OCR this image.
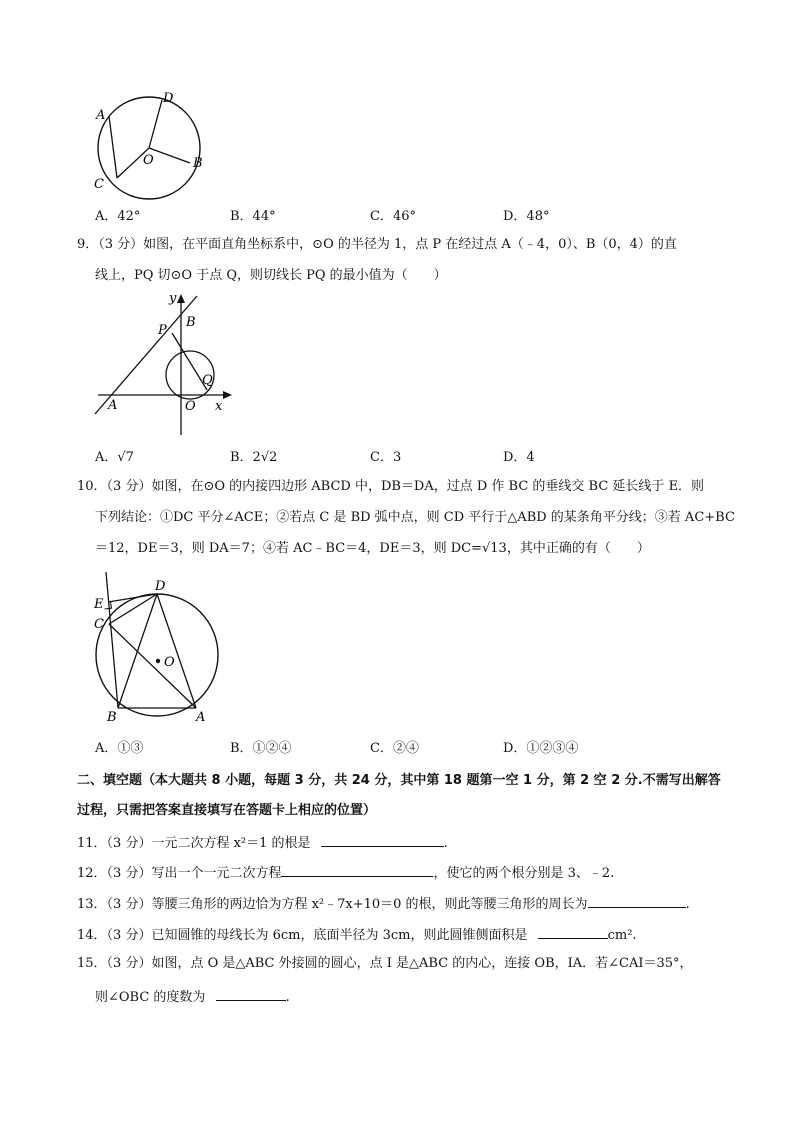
A
D
O	B
C
A．42°	B．44°	C．46°	D．48°
9．（3 分）如图，在平面直角坐标系中，⊙O 的半径为 1，点 P 在经过点 A（﹣4，0）、B（0，4）的直
线上，PQ 切⊙O 于点 Q，则切线长 PQ 的最小值为（　　）
y
P
B
Q
A	O x
A．√7	B．2√2	C．3	D．4
10．（3 分）如图，在⊙O 的内接四边形 ABCD 中，DB＝DA，过点 D 作 BC 的垂线交 BC 延长线于 E．则
下列结论：①DC 平分∠ACE；②若点 C 是 BD 弧中点，则 CD 平行于△ABD 的某条角平分线；③若 AC+BC
＝12，DE＝3，则 DA＝7；④若 AC﹣BC＝4，DE＝3，则 DC=√13，其中正确的有（　　）
D
E
C
O
B	A
A．①③	B．①②④	C．②④	D．①②③④
二、填空题（本大题共 8 小题，每题 3 分，共 24 分，其中第 18 题第一空 1 分，第 2 空 2 分.不需写出解答
过程，只需把答案直接填写在答题卡上相应的位置）
11．（3 分）一元二次方程 x²＝1 的根是	.
12．（3 分）写出一个一元二次方程	，使它的两个根分别是 3、﹣2.
13．（3 分）等腰三角形的两边恰为方程 x²﹣7x+10＝0 的根，则此等腰三角形的周长为	.
14．（3 分）已知圆锥的母线长为 6cm，底面半径为 3cm，则此圆锥侧面积是	cm².
15．（3 分）如图，点 O 是△ABC 外接圆的圆心，点 I 是△ABC 的内心，连接 OB，IA．若∠CAI＝35°，
则∠OBC 的度数为	.
